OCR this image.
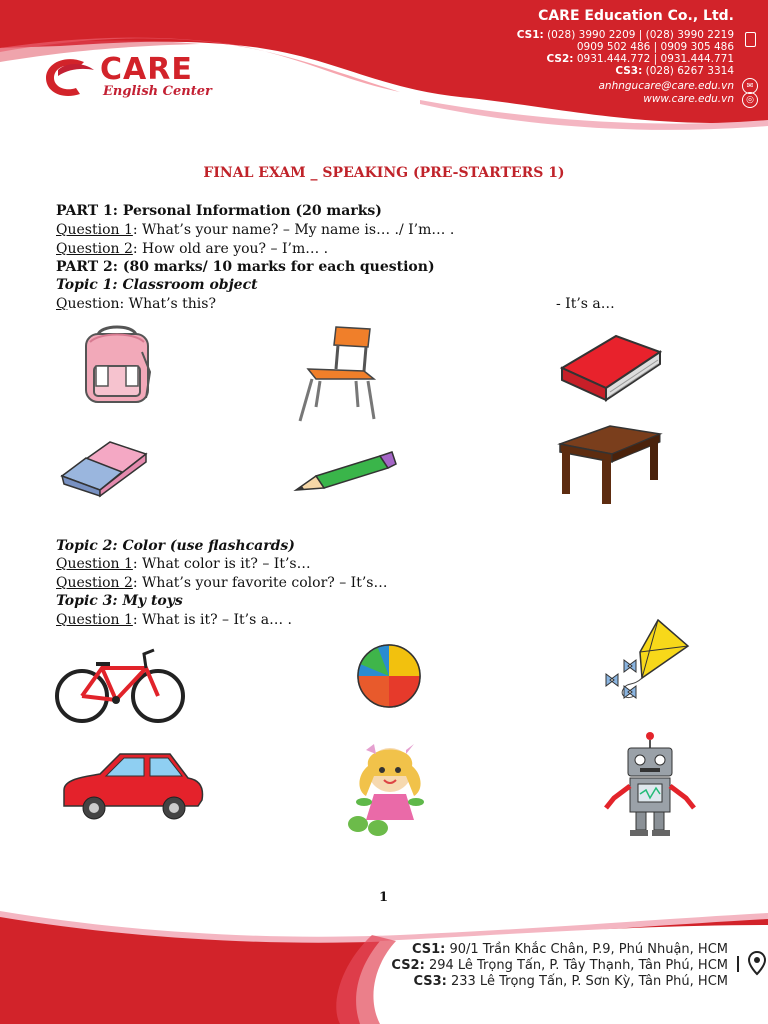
CARE
English Center
CARE Education Co., Ltd.
CS1: (028) 3990 2209 | (028) 3990 2219
0909 502 486 | 0909 305 486
CS2: 0931.444.772 | 0931.444.771
CS3: (028) 6267 3314
anhngucare@care.edu.vn
www.care.edu.vn
✉
◎
FINAL EXAM _ SPEAKING (PRE-STARTERS 1)
PART 1: Personal Information (20 marks)
Question 1: What’s your name? – My name is… ./ I’m… .
Question 2: How old are you? – I’m… .
PART 2: (80 marks/ 10 marks for each question)
Topic 1: Classroom object
Question: What’s this?	- It’s a…
Topic 2: Color (use flashcards)
Question 1: What color is it? – It’s…
Question 2: What’s your favorite color? – It’s…
Topic 3: My toys
Question 1: What is it? – It’s a… .
1
CS1: 90/1 Trần Khắc Chân, P.9, Phú Nhuận, HCM
CS2: 294 Lê Trọng Tấn, P. Tây Thạnh, Tân Phú, HCM
CS3: 233 Lê Trọng Tấn, P. Sơn Kỳ, Tân Phú, HCM
